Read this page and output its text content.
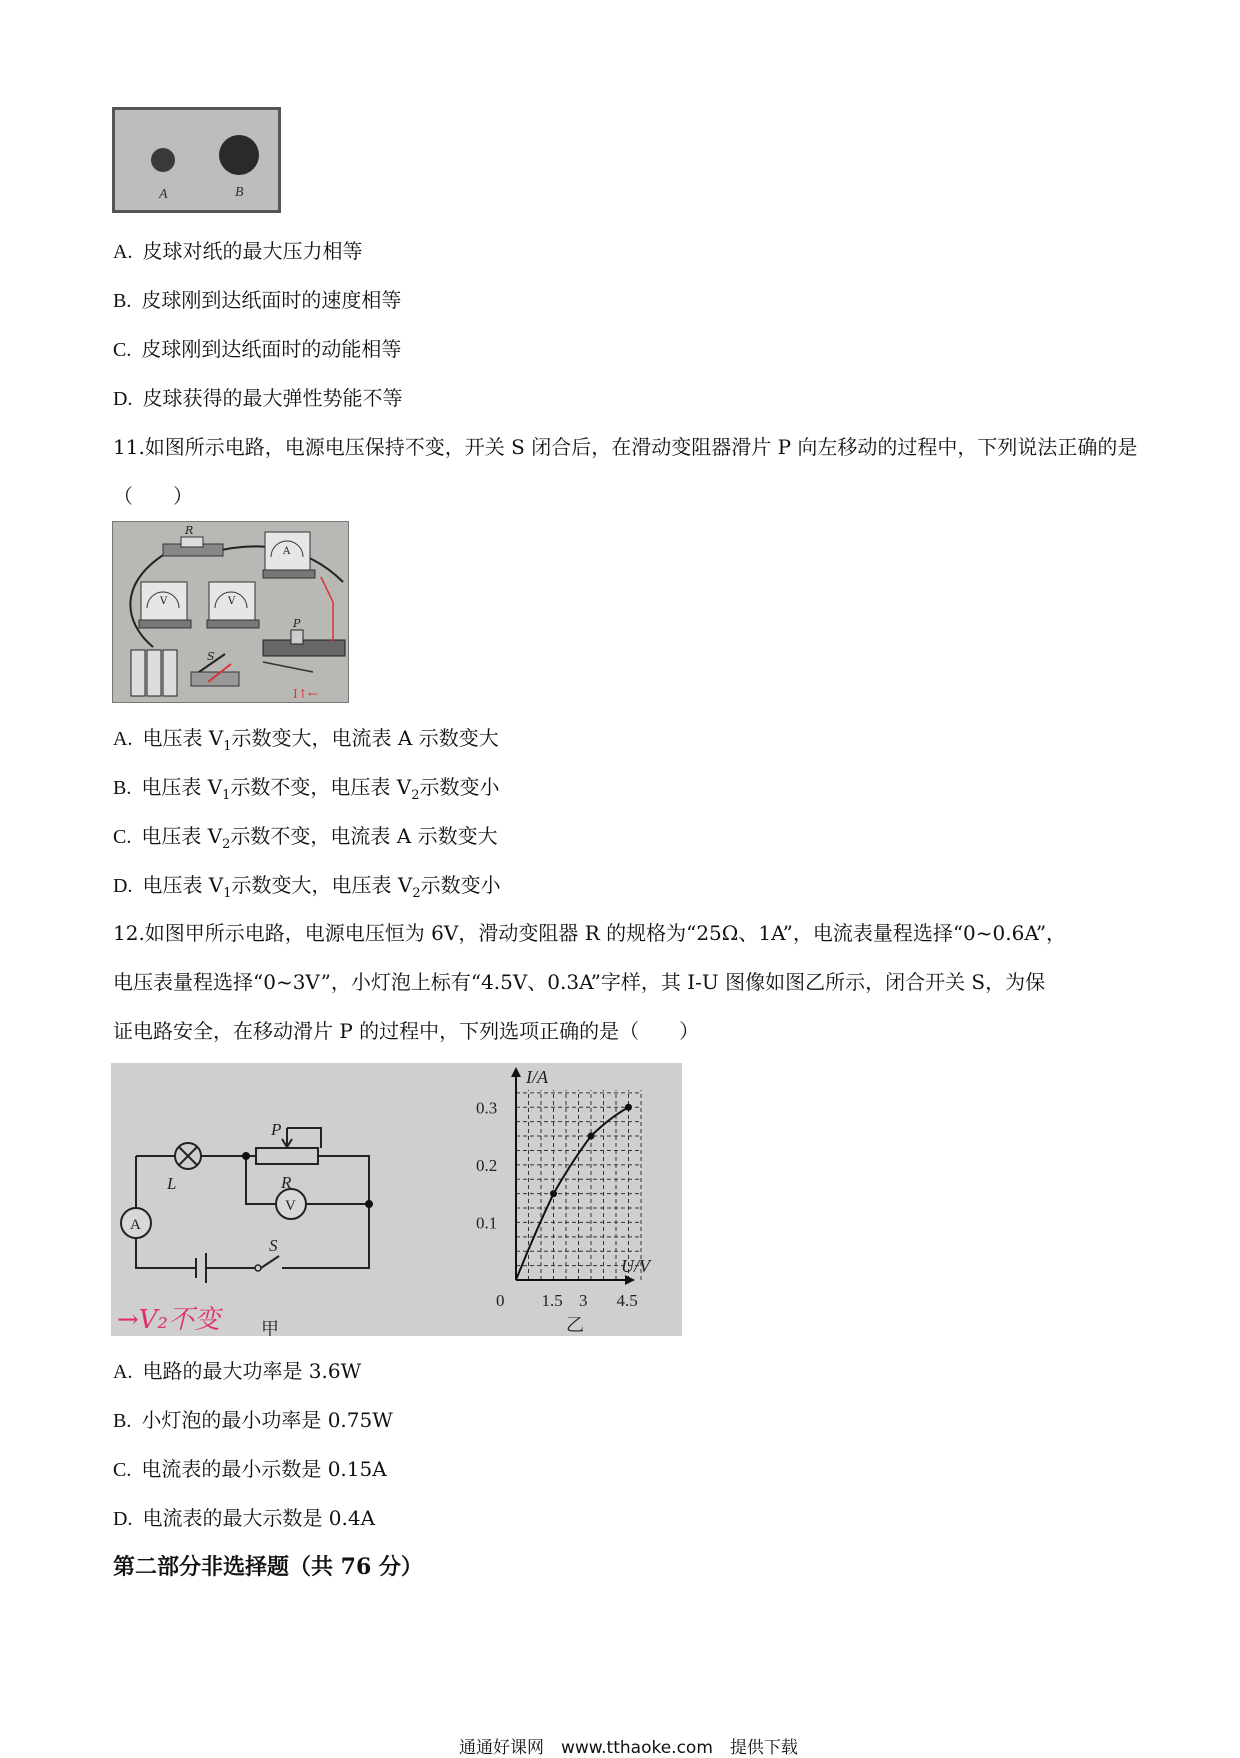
A	B
A. 皮球对纸的最大压力相等
B. 皮球刚到达纸面时的速度相等
C. 皮球刚到达纸面时的动能相等
D. 皮球获得的最大弹性势能不等
11.如图所示电路，电源电压保持不变，开关 S 闭合后，在滑动变阻器滑片 P 向左移动的过程中，下列说法正确的是（　　）
R
A
V	V
S
P
I↑←
A. 电压表 $V_1$示数变大，电流表 A 示数变大
B. 电压表 $V_1$示数不变，电压表 $V_2$示数变小
C. 电压表 $V_2$示数不变，电流表 A 示数变大
D. 电压表 $V_1$示数变大，电压表 $V_2$示数变小
12.如图甲所示电路，电源电压恒为 6V，滑动变阻器 R 的规格为“25Ω、1A”，电流表量程选择“0~0.6A”，
电压表量程选择“0~3V”，小灯泡上标有“4.5V、0.3A”字样，其 I-U 图像如图乙所示，闭合开关 S，为保
证电路安全，在移动滑片 P 的过程中，下列选项正确的是（　　）
P
R
L
V
A
S
甲
→V₂不变
1.5 3 4.5
0.1
0.2
0.3
I/A
U/V
0
乙
A. 电路的最大功率是 3.6W
B. 小灯泡的最小功率是 0.75W
C. 电流表的最小示数是 0.15A
D. 电流表的最大示数是 0.4A
第二部分非选择题（共 76 分）
通通好课网　www.tthaoke.com　提供下载
